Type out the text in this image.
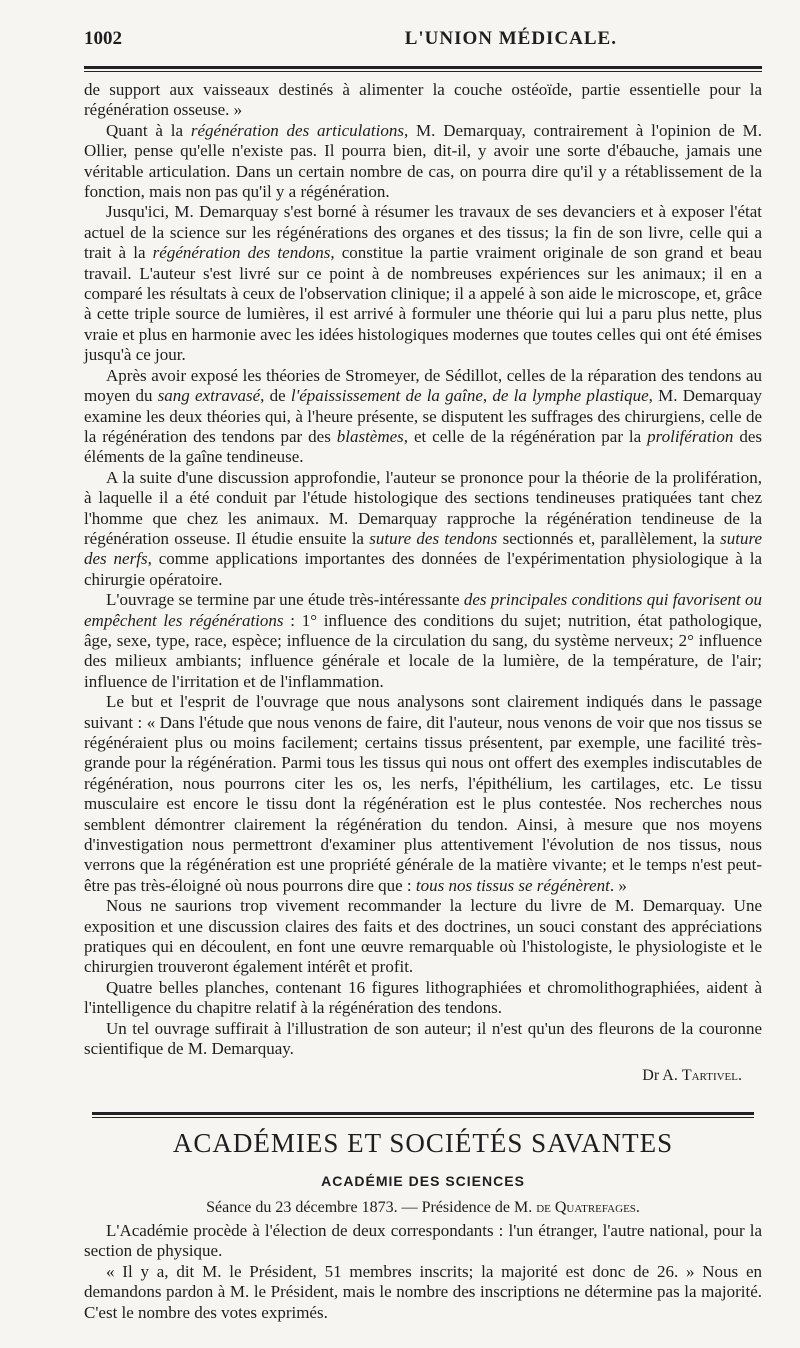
1002	L'UNION MÉDICALE.

de support aux vaisseaux destinés à alimenter la couche ostéoïde, partie essentielle pour la régénération osseuse. »

Quant à la régénération des articulations, M. Demarquay, contrairement à l'opinion de M. Ollier, pense qu'elle n'existe pas. Il pourra bien, dit-il, y avoir une sorte d'ébauche, jamais une véritable articulation. Dans un certain nombre de cas, on pourra dire qu'il y a rétablissement de la fonction, mais non pas qu'il y a régénération.

Jusqu'ici, M. Demarquay s'est borné à résumer les travaux de ses devanciers et à exposer l'état actuel de la science sur les régénérations des organes et des tissus; la fin de son livre, celle qui a trait à la régénération des tendons, constitue la partie vraiment originale de son grand et beau travail. L'auteur s'est livré sur ce point à de nombreuses expériences sur les animaux; il en a comparé les résultats à ceux de l'observation clinique; il a appelé à son aide le microscope, et, grâce à cette triple source de lumières, il est arrivé à formuler une théorie qui lui a paru plus nette, plus vraie et plus en harmonie avec les idées histologiques modernes que toutes celles qui ont été émises jusqu'à ce jour.

Après avoir exposé les théories de Stromeyer, de Sédillot, celles de la réparation des tendons au moyen du sang extravasé, de l'épaississement de la gaîne, de la lymphe plastique, M. Demarquay examine les deux théories qui, à l'heure présente, se disputent les suffrages des chirurgiens, celle de la régénération des tendons par des blastèmes, et celle de la régénération par la prolifération des éléments de la gaîne tendineuse.

A la suite d'une discussion approfondie, l'auteur se prononce pour la théorie de la prolifération, à laquelle il a été conduit par l'étude histologique des sections tendineuses pratiquées tant chez l'homme que chez les animaux. M. Demarquay rapproche la régénération tendineuse de la régénération osseuse. Il étudie ensuite la suture des tendons sectionnés et, parallèlement, la suture des nerfs, comme applications importantes des données de l'expérimentation physiologique à la chirurgie opératoire.

L'ouvrage se termine par une étude très-intéressante des principales conditions qui favorisent ou empêchent les régénérations : 1° influence des conditions du sujet; nutrition, état pathologique, âge, sexe, type, race, espèce; influence de la circulation du sang, du système nerveux; 2° influence des milieux ambiants; influence générale et locale de la lumière, de la température, de l'air; influence de l'irritation et de l'inflammation.

Le but et l'esprit de l'ouvrage que nous analysons sont clairement indiqués dans le passage suivant : « Dans l'étude que nous venons de faire, dit l'auteur, nous venons de voir que nos tissus se régénéraient plus ou moins facilement; certains tissus présentent, par exemple, une facilité très-grande pour la régénération. Parmi tous les tissus qui nous ont offert des exemples indiscutables de régénération, nous pourrons citer les os, les nerfs, l'épithélium, les cartilages, etc. Le tissu musculaire est encore le tissu dont la régénération est le plus contestée. Nos recherches nous semblent démontrer clairement la régénération du tendon. Ainsi, à mesure que nos moyens d'investigation nous permettront d'examiner plus attentivement l'évolution de nos tissus, nous verrons que la régénération est une propriété générale de la matière vivante; et le temps n'est peut-être pas très-éloigné où nous pourrons dire que : tous nos tissus se régénèrent. »

Nous ne saurions trop vivement recommander la lecture du livre de M. Demarquay. Une exposition et une discussion claires des faits et des doctrines, un souci constant des appréciations pratiques qui en découlent, en font une œuvre remarquable où l'histologiste, le physiologiste et le chirurgien trouveront également intérêt et profit.

Quatre belles planches, contenant 16 figures lithographiées et chromolithographiées, aident à l'intelligence du chapitre relatif à la régénération des tendons.

Un tel ouvrage suffirait à l'illustration de son auteur; il n'est qu'un des fleurons de la couronne scientifique de M. Demarquay.

Dr A. Tartivel.
ACADÉMIES ET SOCIÉTÉS SAVANTES
ACADÉMIE DES SCIENCES
Séance du 23 décembre 1873. — Présidence de M. de Quatrefages.

L'Académie procède à l'élection de deux correspondants : l'un étranger, l'autre national, pour la section de physique.

« Il y a, dit M. le Président, 51 membres inscrits; la majorité est donc de 26. » Nous en demandons pardon à M. le Président, mais le nombre des inscriptions ne détermine pas la majorité. C'est le nombre des votes exprimés.
